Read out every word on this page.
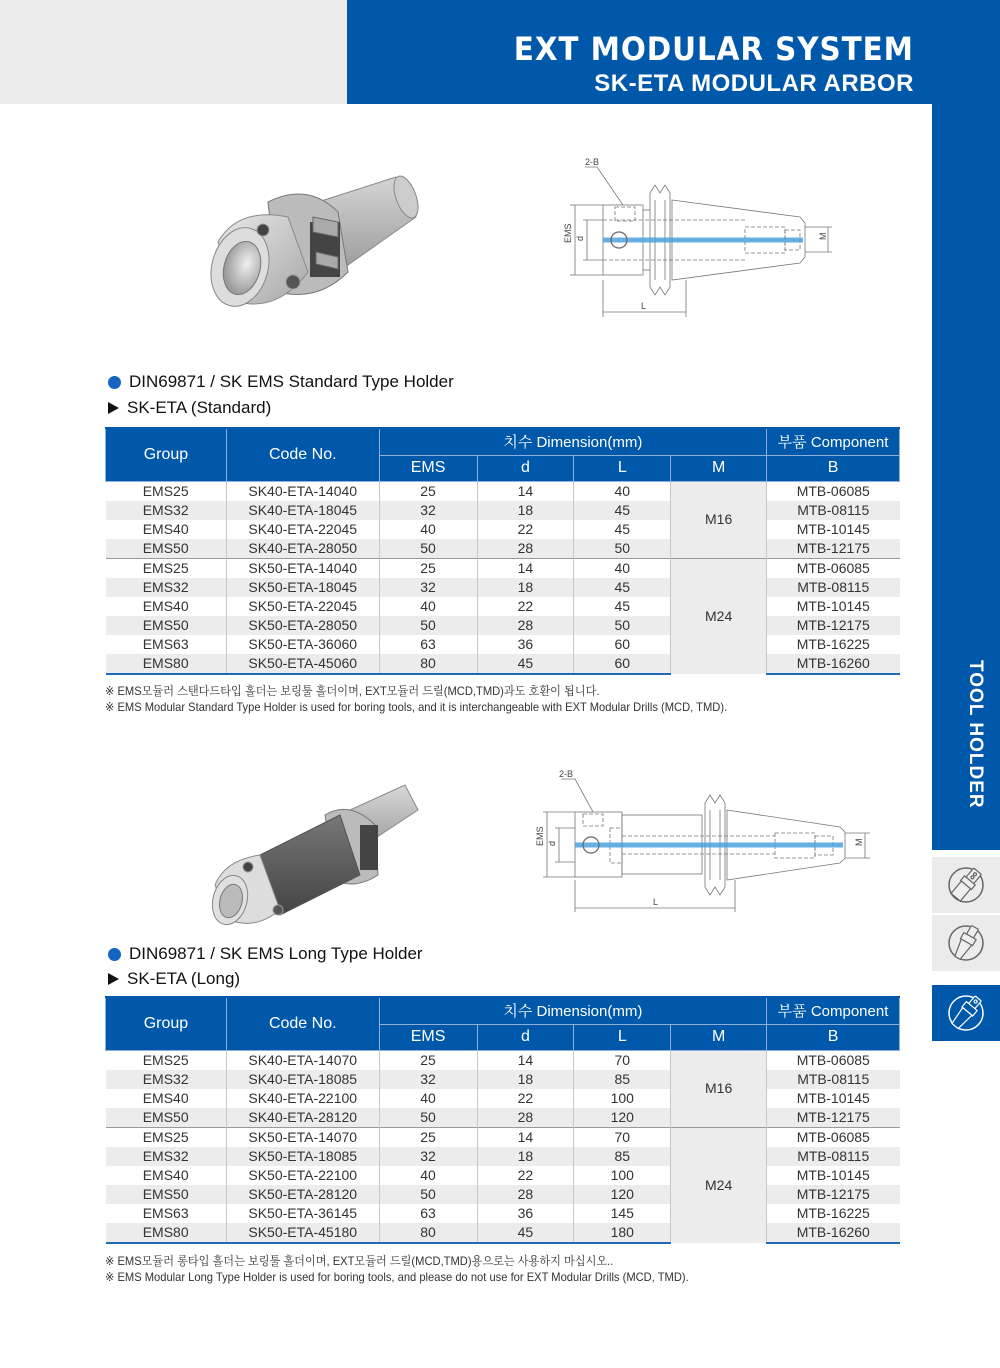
EXT MODULAR SYSTEM
SK-ETA MODULAR ARBOR
TOOL HOLDER
2-B
EMS d
L
M
DIN69871 / SK EMS Standard Type Holder
SK-ETA (Standard)
Group	Code No.	치수 Dimension(mm)				부품 Component
		EMS	d	L	M	B
EMS25	SK40-ETA-14040	25	14	40	M16	MTB-06085
EMS32	SK40-ETA-18045	32	18	45		MTB-08115
EMS40	SK40-ETA-22045	40	22	45		MTB-10145
EMS50	SK40-ETA-28050	50	28	50		MTB-12175
EMS25	SK50-ETA-14040	25	14	40	M24	MTB-06085
EMS32	SK50-ETA-18045	32	18	45		MTB-08115
EMS40	SK50-ETA-22045	40	22	45		MTB-10145
EMS50	SK50-ETA-28050	50	28	50		MTB-12175
EMS63	SK50-ETA-36060	63	36	60		MTB-16225
EMS80	SK50-ETA-45060	80	45	60		MTB-16260
※ EMS모듈러 스탠다드타입 홀더는 보링툴 홀더이며, EXT모듈러 드릴(MCD,TMD)과도 호환이 됩니다.
※ EMS Modular Standard Type Holder is used for boring tools, and it is interchangeable with EXT Modular Drills (MCD, TMD).
2-B
EMS d
L
M
DIN69871 / SK EMS Long Type Holder
SK-ETA (Long)
Group	Code No.	치수 Dimension(mm)				부품 Component
		EMS	d	L	M	B
EMS25	SK40-ETA-14070	25	14	70	M16	MTB-06085
EMS32	SK40-ETA-18085	32	18	85		MTB-08115
EMS40	SK40-ETA-22100	40	22	100		MTB-10145
EMS50	SK40-ETA-28120	50	28	120		MTB-12175
EMS25	SK50-ETA-14070	25	14	70	M24	MTB-06085
EMS32	SK50-ETA-18085	32	18	85		MTB-08115
EMS40	SK50-ETA-22100	40	22	100		MTB-10145
EMS50	SK50-ETA-28120	50	28	120		MTB-12175
EMS63	SK50-ETA-36145	63	36	145		MTB-16225
EMS80	SK50-ETA-45180	80	45	180		MTB-16260
※ EMS모듈러 롱타입 홀더는 보링툴 홀더이며, EXT모듈러 드릴(MCD,TMD)용으로는 사용하지 마십시오..
※ EMS Modular Long Type Holder is used for boring tools, and please do not use for EXT Modular Drills (MCD, TMD).
